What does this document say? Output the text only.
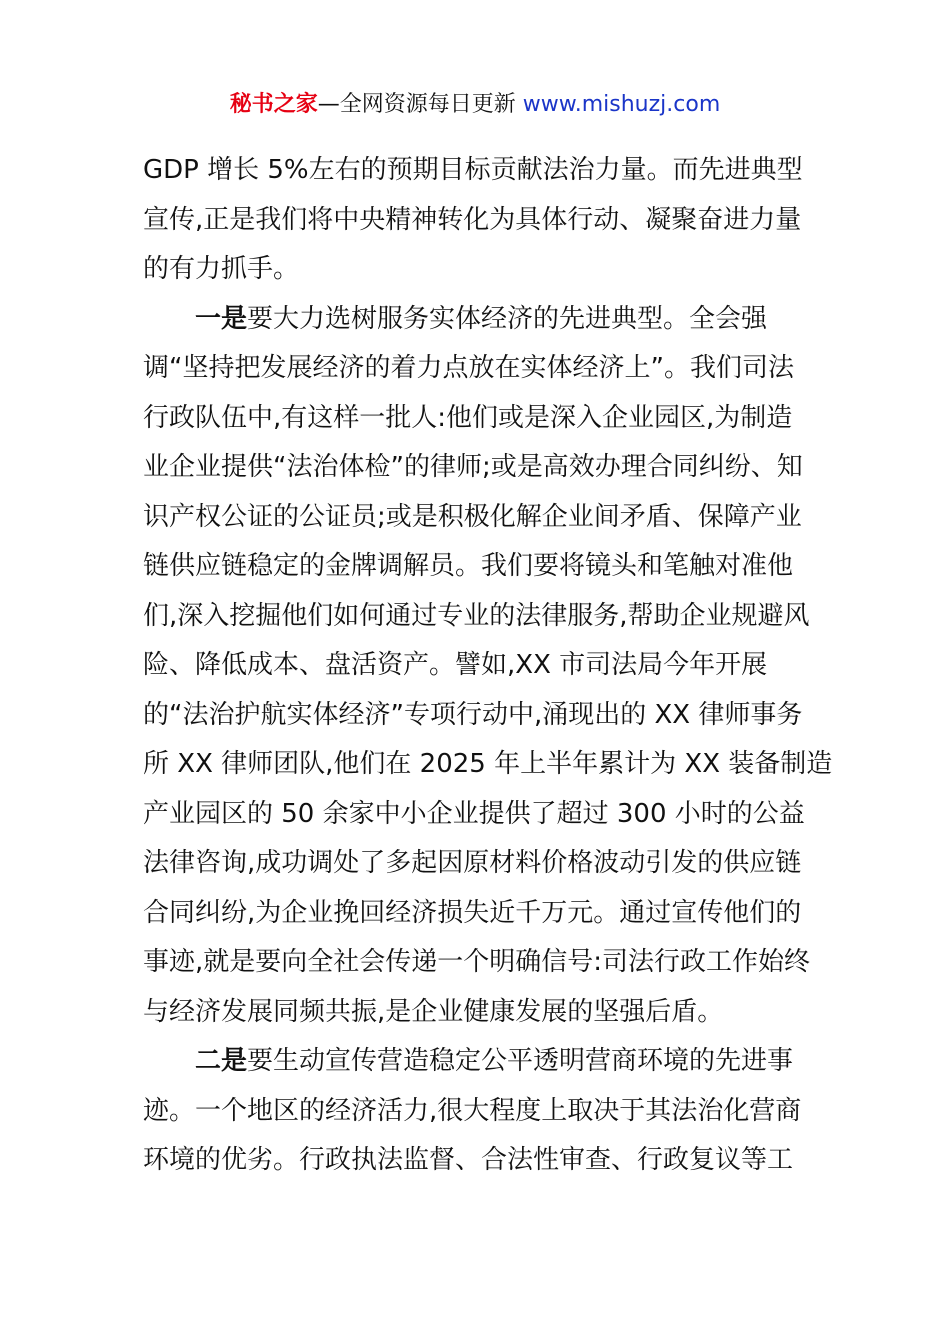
秘书之家—全网资源每日更新 www.mishuzj.com
GDP 增长 5%左右的预期目标贡献法治力量。而先进典型
宣传,正是我们将中央精神转化为具体行动、凝聚奋进力量
的有力抓手。
一是要大力选树服务实体经济的先进典型。全会强
调“坚持把发展经济的着力点放在实体经济上”。我们司法
行政队伍中,有这样一批人:他们或是深入企业园区,为制造
业企业提供“法治体检”的律师;或是高效办理合同纠纷、知
识产权公证的公证员;或是积极化解企业间矛盾、保障产业
链供应链稳定的金牌调解员。我们要将镜头和笔触对准他
们,深入挖掘他们如何通过专业的法律服务,帮助企业规避风
险、降低成本、盘活资产。譬如,XX 市司法局今年开展
的“法治护航实体经济”专项行动中,涌现出的 XX 律师事务
所 XX 律师团队,他们在 2025 年上半年累计为 XX 装备制造
产业园区的 50 余家中小企业提供了超过 300 小时的公益
法律咨询,成功调处了多起因原材料价格波动引发的供应链
合同纠纷,为企业挽回经济损失近千万元。通过宣传他们的
事迹,就是要向全社会传递一个明确信号:司法行政工作始终
与经济发展同频共振,是企业健康发展的坚强后盾。
二是要生动宣传营造稳定公平透明营商环境的先进事
迹。一个地区的经济活力,很大程度上取决于其法治化营商
环境的优劣。行政执法监督、合法性审查、行政复议等工
